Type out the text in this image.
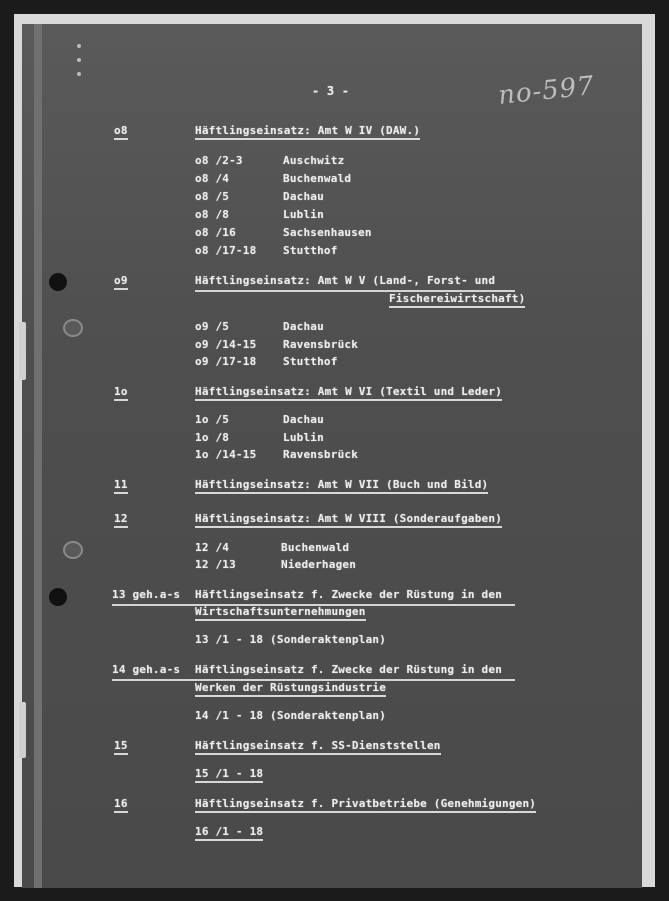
- 3 -	no-597
o8	Häftlingseinsatz: Amt W IV (DAW.)
o8 /2-3	Auschwitz
o8 /4	Buchenwald
o8 /5	Dachau
o8 /8	Lublin
o8 /16	Sachsenhausen
o8 /17-18 Stutthof
o9	Häftlingseinsatz: Amt W V (Land-, Forst- und
Fischereiwirtschaft)
o9 /5	Dachau
o9 /14-15 Ravensbrück
o9 /17-18 Stutthof
1o	Häftlingseinsatz: Amt W VI (Textil und Leder)
1o /5	Dachau
1o /8	Lublin
1o /14-15 Ravensbrück
11	Häftlingseinsatz: Amt W VII (Buch und Bild)
12	Häftlingseinsatz: Amt W VIII (Sonderaufgaben)
12 /4	Buchenwald
12 /13	Niederhagen
13 geh.a-s Häftlingseinsatz f. Zwecke der Rüstung in den
Wirtschaftsunternehmungen
13 /1 - 18 (Sonderaktenplan)
14 geh.a-s Häftlingseinsatz f. Zwecke der Rüstung in den
Werken der Rüstungsindustrie
14 /1 - 18 (Sonderaktenplan)
15	Häftlingseinsatz f. SS-Dienststellen
15 /1 - 18
16	Häftlingseinsatz f. Privatbetriebe (Genehmigungen)
16 /1 - 18
